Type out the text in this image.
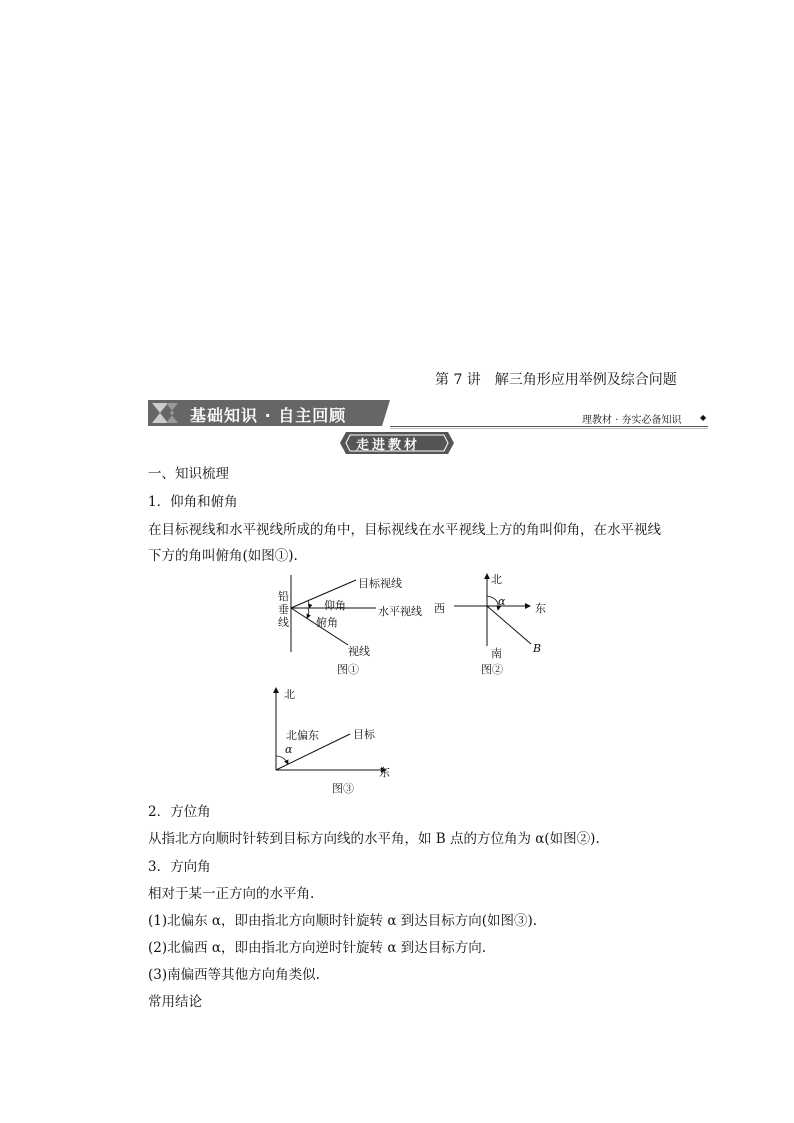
第 7 讲　解三角形应用举例及综合问题
基础知识 · 自主回顾	理教材 · 夯实必备知识 ◆
走进教材
一、知识梳理
1．仰角和俯角
在目标视线和水平视线所成的角中，目标视线在水平视线上方的角叫仰角，在水平视线
下方的角叫俯角(如图①).
铅
垂
线
目标视线
水平视线
仰角
俯角
视线
图①
北
西	东
α
南	B
图②
北
北偏东
α
目标
东
图③
2．方位角
从指北方向顺时针转到目标方向线的水平角，如 B 点的方位角为 α(如图②).
3．方向角
相对于某一正方向的水平角.
(1)北偏东 α，即由指北方向顺时针旋转 α 到达目标方向(如图③).
(2)北偏西 α，即由指北方向逆时针旋转 α 到达目标方向.
(3)南偏西等其他方向角类似.
常用结论
